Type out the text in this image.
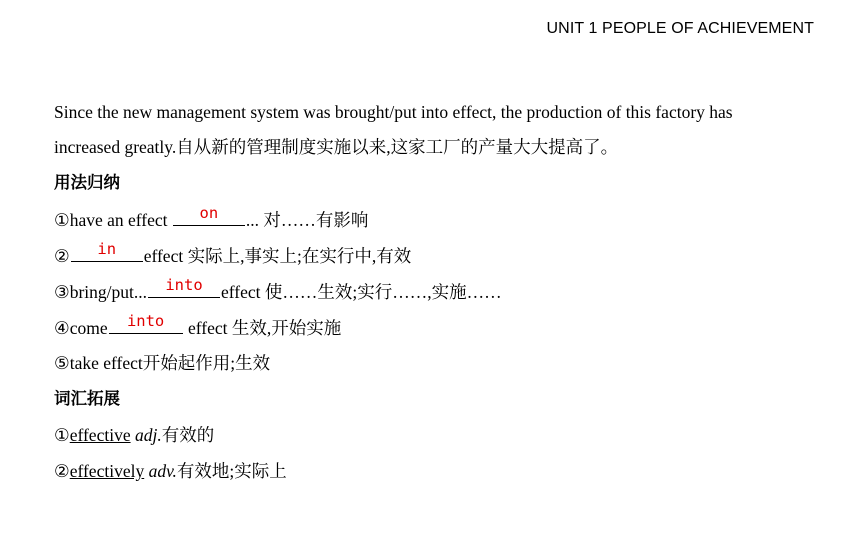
UNIT 1 PEOPLE OF ACHIEVEMENT
Since the new management system was brought/put into effect, the production of this factory has
increased greatly.自从新的管理制度实施以来,这家工厂的产量大大提高了。
用法归纳
①have an effect	on	... 对……有影响
②	in	effect 实际上,事实上;在实行中,有效
③bring/put...	into	effect 使……生效;实行……,实施……
④come	into	effect 生效,开始实施
⑤take effect开始起作用;生效
词汇拓展
①effective adj.有效的
②effectively adv.有效地;实际上
